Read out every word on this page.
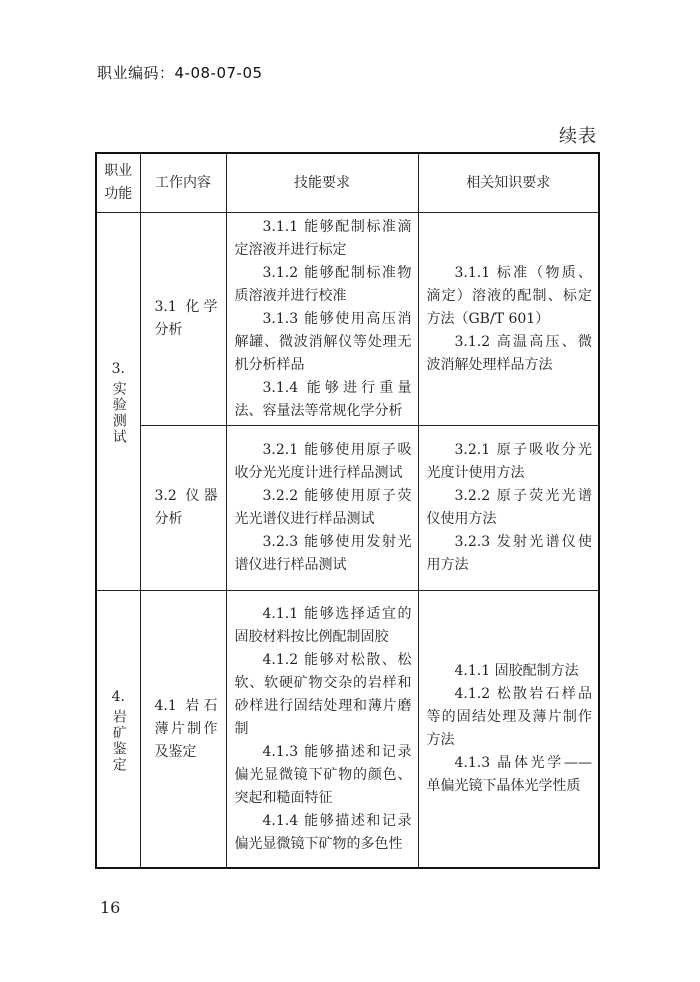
职业编码：4-08-07-05
续表
职业
功能	工作内容	技能要求	相关知识要求

3.
实验测试	3.1 化学分析	3.1.1 能够配制标准滴定溶液并进行标定
3.1.2 能够配制标准物质溶液并进行校准
3.1.3 能够使用高压消解罐、微波消解仪等处理无机分析样品
3.1.4 能够进行重量法、容量法等常规化学分析	3.1.1 标准（物质、滴定）溶液的配制、标定方法（GB/T 601）
3.1.2 高温高压、微波消解处理样品方法

	3.2 仪器分析	3.2.1 能够使用原子吸收分光光度计进行样品测试
3.2.2 能够使用原子荧光光谱仪进行样品测试
3.2.3 能够使用发射光谱仪进行样品测试	3.2.1 原子吸收分光光度计使用方法
3.2.2 原子荧光光谱仪使用方法
3.2.3 发射光谱仪使用方法

4.
岩矿鉴定	4.1 岩石薄片制作及鉴定	4.1.1 能够选择适宜的固胶材料按比例配制固胶
4.1.2 能够对松散、松软、软硬矿物交杂的岩样和砂样进行固结处理和薄片磨制
4.1.3 能够描述和记录偏光显微镜下矿物的颜色、突起和糙面特征
4.1.4 能够描述和记录偏光显微镜下矿物的多色性	4.1.1 固胶配制方法
4.1.2 松散岩石样品等的固结处理及薄片制作方法
4.1.3 晶体光学——单偏光镜下晶体光学性质
16
